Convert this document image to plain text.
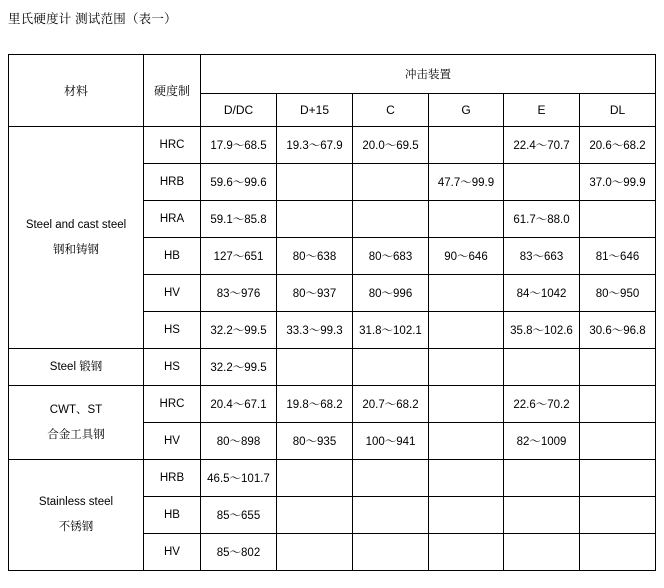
里氏硬度计 测试范围（表一）
材料	硬度制	冲击装置					
		D/DC	D+15	C	G	E	DL
Steel and cast steel
钢和铸钢	HRC	17.9～68.5	19.3～67.9	20.0～69.5		22.4～70.7	20.6～68.2
	HRB	59.6～99.6			47.7～99.9		37.0～99.9
	HRA	59.1～85.8				61.7～88.0	
	HB	127～651	80～638	80～683	90～646	83～663	81～646
	HV	83～976	80～937	80～996		84～1042	80～950
	HS	32.2～99.5	33.3～99.3	31.8～102.1		35.8～102.6	30.6～96.8
Steel 锻钢	HS	32.2～99.5					
CWT、ST
合金工具钢	HRC	20.4～67.1	19.8～68.2	20.7～68.2		22.6～70.2	
	HV	80～898	80～935	100～941		82～1009	
Stainless steel
不锈钢	HRB	46.5～101.7					
	HB	85～655					
	HV	85～802					
